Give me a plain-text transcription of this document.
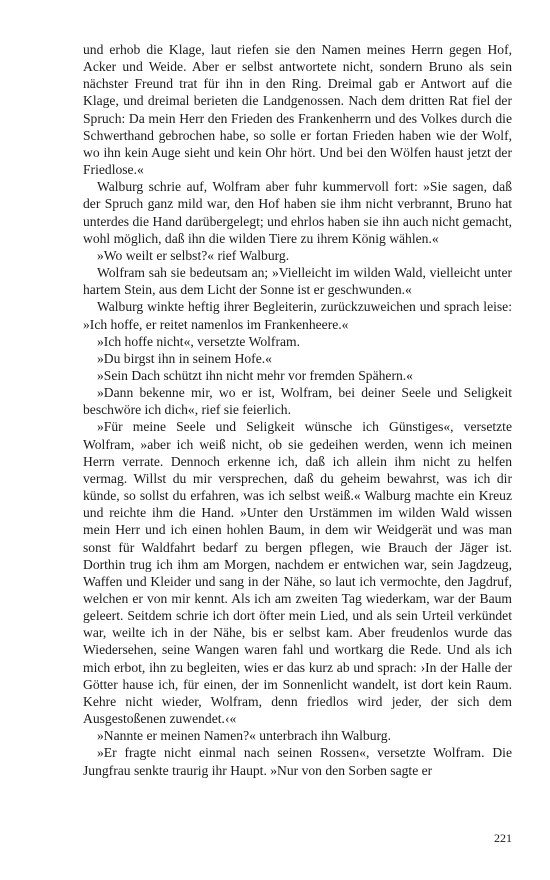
und erhob die Klage, laut riefen sie den Namen meines Herrn gegen Hof, Acker und Weide. Aber er selbst antwortete nicht, sondern Bruno als sein nächster Freund trat für ihn in den Ring. Dreimal gab er Antwort auf die Klage, und dreimal berieten die Landgenossen. Nach dem dritten Rat fiel der Spruch: Da mein Herr den Frieden des Frankenherrn und des Volkes durch die Schwerthand gebrochen habe, so solle er fortan Frieden haben wie der Wolf, wo ihn kein Auge sieht und kein Ohr hört. Und bei den Wölfen haust jetzt der Friedlose.«

Walburg schrie auf, Wolfram aber fuhr kummervoll fort: »Sie sagen, daß der Spruch ganz mild war, den Hof haben sie ihm nicht verbrannt, Bruno hat unterdes die Hand darübergelegt; und ehrlos haben sie ihn auch nicht gemacht, wohl möglich, daß ihn die wilden Tiere zu ihrem König wählen.«

»Wo weilt er selbst?« rief Walburg.

Wolfram sah sie bedeutsam an; »Vielleicht im wilden Wald, vielleicht unter hartem Stein, aus dem Licht der Sonne ist er geschwunden.«

Walburg winkte heftig ihrer Begleiterin, zurückzuweichen und sprach leise: »Ich hoffe, er reitet namenlos im Frankenheere.«

»Ich hoffe nicht«, versetzte Wolfram.

»Du birgst ihn in seinem Hofe.«

»Sein Dach schützt ihn nicht mehr vor fremden Spähern.«

»Dann bekenne mir, wo er ist, Wolfram, bei deiner Seele und Seligkeit beschwöre ich dich«, rief sie feierlich.

»Für meine Seele und Seligkeit wünsche ich Günstiges«, versetzte Wolfram, »aber ich weiß nicht, ob sie gedeihen werden, wenn ich meinen Herrn verrate. Dennoch erkenne ich, daß ich allein ihm nicht zu helfen vermag. Willst du mir versprechen, daß du geheim bewahrst, was ich dir künde, so sollst du erfahren, was ich selbst weiß.« Walburg machte ein Kreuz und reichte ihm die Hand. »Unter den Urstämmen im wilden Wald wissen mein Herr und ich einen hohlen Baum, in dem wir Weidgerät und was man sonst für Waldfahrt bedarf zu bergen pflegen, wie Brauch der Jäger ist. Dorthin trug ich ihm am Morgen, nachdem er entwichen war, sein Jagdzeug, Waffen und Kleider und sang in der Nähe, so laut ich vermochte, den Jagdruf, welchen er von mir kennt. Als ich am zweiten Tag wiederkam, war der Baum geleert. Seitdem schrie ich dort öfter mein Lied, und als sein Urteil verkündet war, weilte ich in der Nähe, bis er selbst kam. Aber freudenlos wurde das Wiedersehen, seine Wangen waren fahl und wortkarg die Rede. Und als ich mich erbot, ihn zu begleiten, wies er das kurz ab und sprach: ›In der Halle der Götter hause ich, für einen, der im Sonnenlicht wandelt, ist dort kein Raum. Kehre nicht wieder, Wolfram, denn friedlos wird jeder, der sich dem Ausgestoßenen zuwendet.‹«

»Nannte er meinen Namen?« unterbrach ihn Walburg.

»Er fragte nicht einmal nach seinen Rossen«, versetzte Wolfram. Die Jungfrau senkte traurig ihr Haupt. »Nur von den Sorben sagte er

221
